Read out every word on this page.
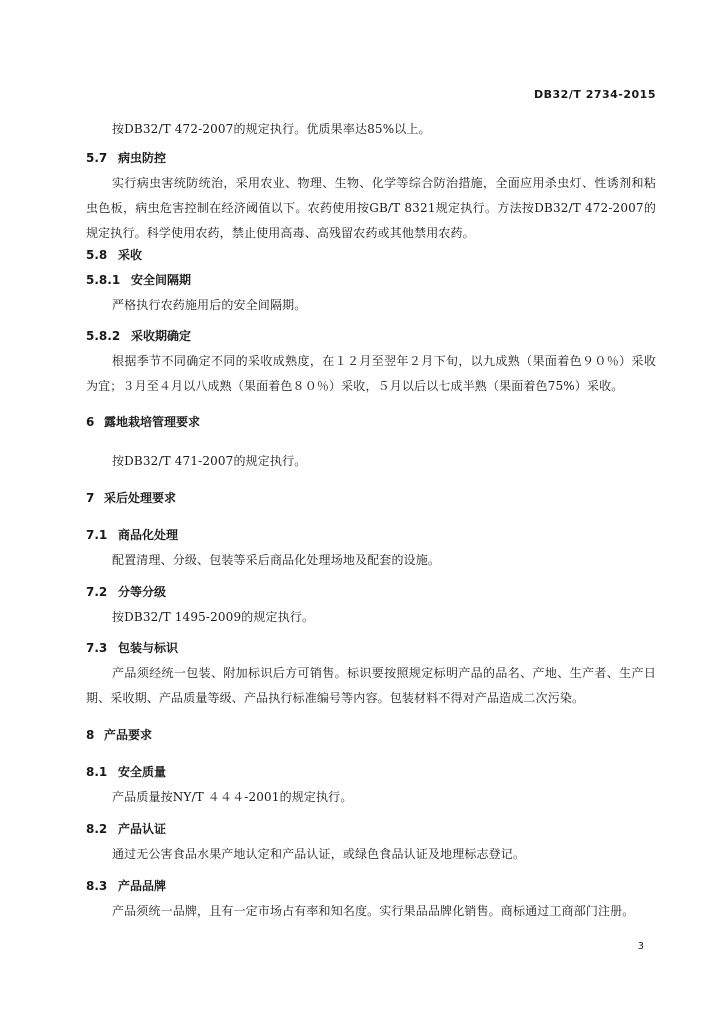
DB32/T 2734-2015

按DB32/T 472-2007的规定执行。优质果率达85%以上。

5.7 病虫防控

实行病虫害统防统治，采用农业、物理、生物、化学等综合防治措施，全面应用杀虫灯、性诱剂和粘虫色板，病虫危害控制在经济阈值以下。农药使用按GB/T 8321规定执行。方法按DB32/T 472-2007的规定执行。科学使用农药，禁止使用高毒、高残留农药或其他禁用农药。

5.8 采收
5.8.1 安全间隔期

严格执行农药施用后的安全间隔期。

5.8.2 采收期确定

根据季节不同确定不同的采收成熟度，在１２月至翌年２月下旬，以九成熟（果面着色９０％）采收为宜；３月至４月以八成熟（果面着色８０％）采收，５月以后以七成半熟（果面着色75%）采收。

6 露地栽培管理要求

按DB32/T 471-2007的规定执行。

7 采后处理要求
7.1 商品化处理

配置清理、分级、包装等采后商品化处理场地及配套的设施。

7.2 分等分级

按DB32/T 1495-2009的规定执行。

7.3 包装与标识

产品须经统一包装、附加标识后方可销售。标识要按照规定标明产品的品名、产地、生产者、生产日期、采收期、产品质量等级、产品执行标准编号等内容。包装材料不得对产品造成二次污染。

8 产品要求
8.1 安全质量

产品质量按NY/T ４４４-2001的规定执行。

8.2 产品认证

通过无公害食品水果产地认定和产品认证，或绿色食品认证及地理标志登记。

8.3 产品品牌

产品须统一品牌，且有一定市场占有率和知名度。实行果品品牌化销售。商标通过工商部门注册。

3
